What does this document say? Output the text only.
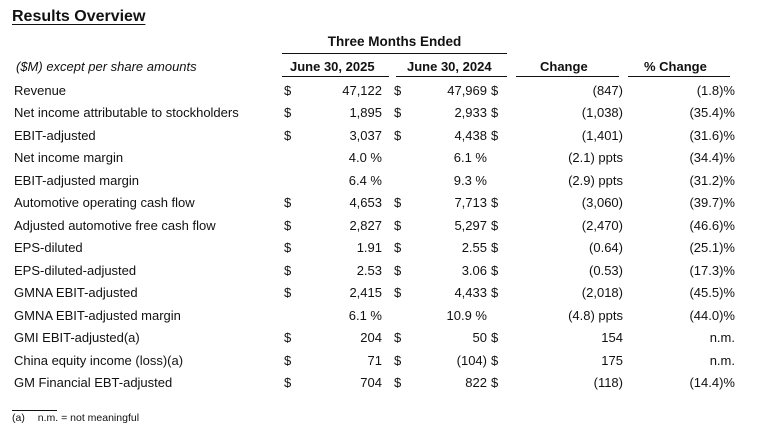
Results Overview
Three Months Ended
($M) except per share amounts	June 30, 2025 June 30, 2024	Change	% Change
Revenue	$	47,122	$	47,969	$	(847)	(1.8)%
Net income attributable to stockholders	$	1,895	$	2,933	$	(1,038)	(35.4)%
EBIT-adjusted	$	3,037	$	4,438	$	(1,401)	(31.6)%
Net income margin		4.0 %		6.1 %		(2.1) ppts	(34.4)%
EBIT-adjusted margin		6.4 %		9.3 %		(2.9) ppts	(31.2)%
Automotive operating cash flow	$	4,653	$	7,713	$	(3,060)	(39.7)%
Adjusted automotive free cash flow	$	2,827	$	5,297	$	(2,470)	(46.6)%
EPS-diluted	$	1.91	$	2.55	$	(0.64)	(25.1)%
EPS-diluted-adjusted	$	2.53	$	3.06	$	(0.53)	(17.3)%
GMNA EBIT-adjusted	$	2,415	$	4,433	$	(2,018)	(45.5)%
GMNA EBIT-adjusted margin		6.1 %		10.9 %		(4.8) ppts	(44.0)%
GMI EBIT-adjusted(a)	$	204	$	50	$	154	n.m.
China equity income (loss)(a)	$	71	$	(104)	$	175	n.m.
GM Financial EBT-adjusted	$	704	$	822	$	(118)	(14.4)%
(a) n.m. = not meaningful
